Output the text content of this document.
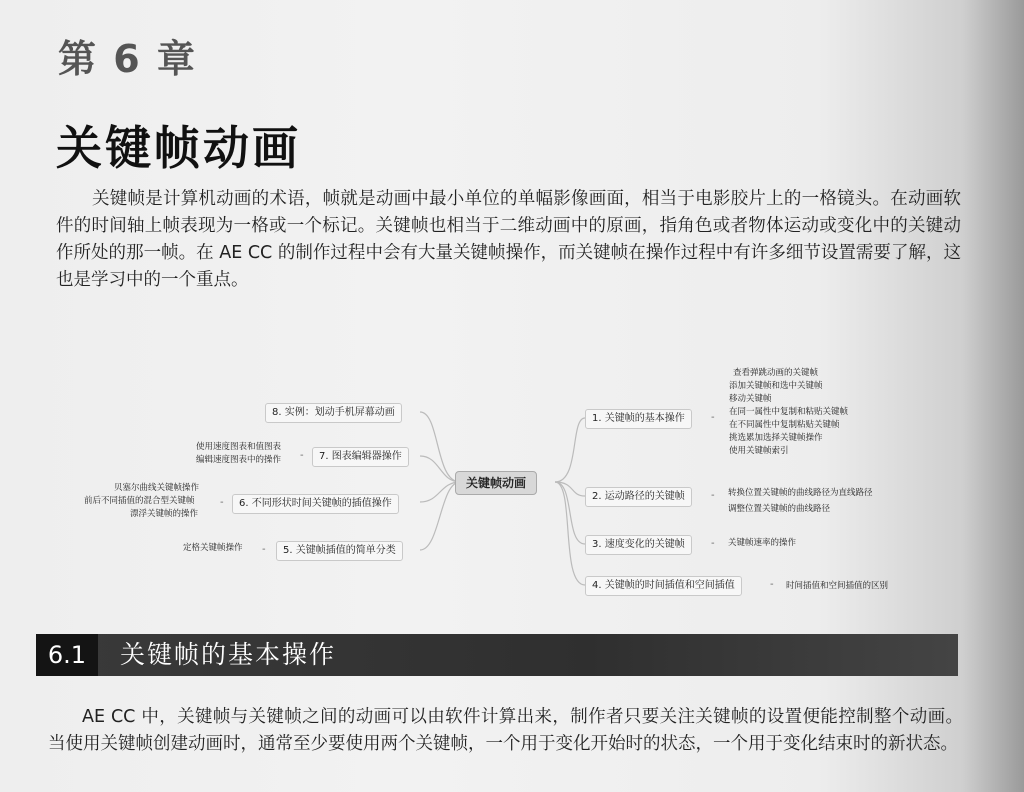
第 6 章
关键帧动画

关键帧是计算机动画的术语，帧就是动画中最小单位的单幅影像画面，相当于电影胶片上的一格镜头。在动画软件的时间轴上帧表现为一格或一个标记。关键帧也相当于二维动画中的原画，指角色或者物体运动或变化中的关键动作所处的那一帧。在 AE CC 的制作过程中会有大量关键帧操作，而关键帧在操作过程中有许多细节设置需要了解，这也是学习中的一个重点。

关键帧动画
1. 关键帧的基本操作	-
查看弹跳动画的关键帧
添加关键帧和选中关键帧
移动关键帧
在同一属性中复制和粘贴关键帧
在不同属性中复制粘贴关键帧
挑选累加选择关键帧操作
使用关键帧索引
2. 运动路径的关键帧	- 转换位置关键帧的曲线路径为直线路径
调整位置关键帧的曲线路径
3. 速度变化的关键帧	- 关键帧速率的操作
4. 关键帧的时间插值和空间插值	- 时间插值和空间插值的区别
8. 实例：划动手机屏幕动画
7. 图表编辑器操作
-
使用速度图表和值图表
编辑速度图表中的操作
6. 不同形状时间关键帧的插值操作
-
贝塞尔曲线关键帧操作
前后不同插值的混合型关键帧
漂浮关键帧的操作
5. 关键帧插值的简单分类
-
定格关键帧操作
6.1	关键帧的基本操作

AE CC 中，关键帧与关键帧之间的动画可以由软件计算出来，制作者只要关注关键帧的设置便能控制整个动画。当使用关键帧创建动画时，通常至少要使用两个关键帧，一个用于变化开始时的状态，一个用于变化结束时的新状态。
